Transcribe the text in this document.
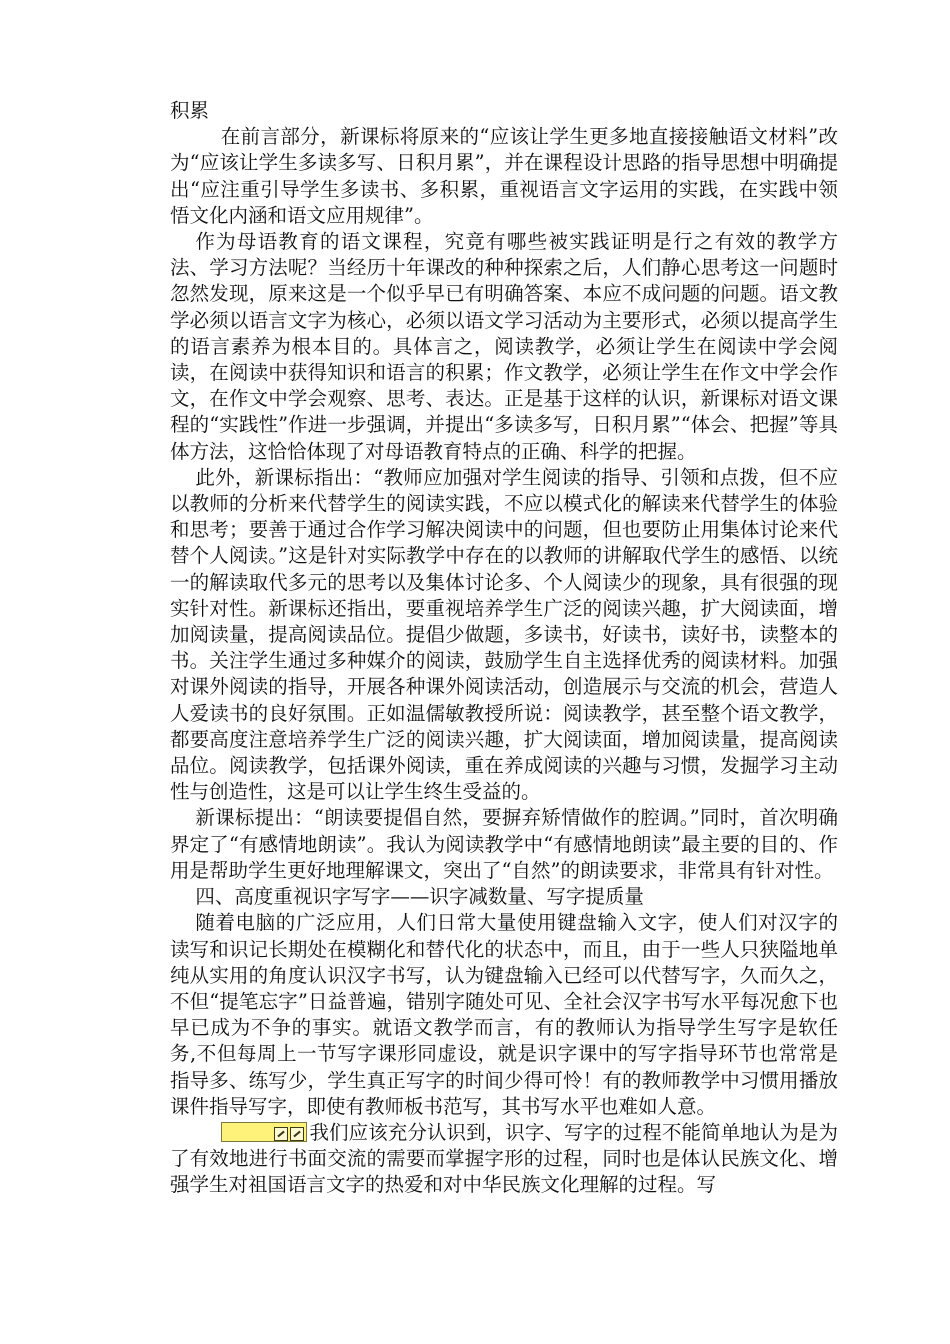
积累

在前言部分，新课标将原来的“应该让学生更多地直接接触语文材料”改为“应该让学生多读多写、日积月累”，并在课程设计思路的指导思想中明确提出“应注重引导学生多读书、多积累，重视语言文字运用的实践，在实践中领悟文化内涵和语文应用规律”。

作为母语教育的语文课程，究竟有哪些被实践证明是行之有效的教学方法、学习方法呢？当经历十年课改的种种探索之后，人们静心思考这一问题时忽然发现，原来这是一个似乎早已有明确答案、本应不成问题的问题。语文教学必须以语言文字为核心，必须以语文学习活动为主要形式，必须以提高学生的语言素养为根本目的。具体言之，阅读教学，必须让学生在阅读中学会阅读，在阅读中获得知识和语言的积累；作文教学，必须让学生在作文中学会作文，在作文中学会观察、思考、表达。正是基于这样的认识，新课标对语文课程的“实践性”作进一步强调，并提出“多读多写，日积月累”“体会、把握”等具体方法，这恰恰体现了对母语教育特点的正确、科学的把握。

此外，新课标指出：“教师应加强对学生阅读的指导、引领和点拨，但不应以教师的分析来代替学生的阅读实践，不应以模式化的解读来代替学生的体验和思考；要善于通过合作学习解决阅读中的问题，但也要防止用集体讨论来代替个人阅读。”这是针对实际教学中存在的以教师的讲解取代学生的感悟、以统一的解读取代多元的思考以及集体讨论多、个人阅读少的现象，具有很强的现实针对性。新课标还指出，要重视培养学生广泛的阅读兴趣，扩大阅读面，增加阅读量，提高阅读品位。提倡少做题，多读书，好读书，读好书，读整本的书。关注学生通过多种媒介的阅读，鼓励学生自主选择优秀的阅读材料。加强对课外阅读的指导，开展各种课外阅读活动，创造展示与交流的机会，营造人人爱读书的良好氛围。正如温儒敏教授所说：阅读教学，甚至整个语文教学，都要高度注意培养学生广泛的阅读兴趣，扩大阅读面，增加阅读量，提高阅读品位。阅读教学，包括课外阅读，重在养成阅读的兴趣与习惯，发掘学习主动性与创造性，这是可以让学生终生受益的。

新课标提出：“朗读要提倡自然，要摒弃矫情做作的腔调。”同时，首次明确界定了“有感情地朗读”。我认为阅读教学中“有感情地朗读”最主要的目的、作用是帮助学生更好地理解课文，突出了“自然”的朗读要求，非常具有针对性。

四、高度重视识字写字——识字减数量、写字提质量

随着电脑的广泛应用，人们日常大量使用键盘输入文字，使人们对汉字的读写和识记长期处在模糊化和替代化的状态中，而且，由于一些人只狭隘地单纯从实用的角度认识汉字书写，认为键盘输入已经可以代替写字，久而久之，不但“提笔忘字”日益普遍，错别字随处可见、全社会汉字书写水平每况愈下也早已成为不争的事实。就语文教学而言，有的教师认为指导学生写字是软任务,不但每周上一节写字课形同虚设，就是识字课中的写字指导环节也常常是指导多、练写少，学生真正写字的时间少得可怜！有的教师教学中习惯用播放课件指导写字，即使有教师板书范写，其书写水平也难如人意。

我们应该充分认识到，识字、写字的过程不能简单地认为是为了有效地进行书面交流的需要而掌握字形的过程，同时也是体认民族文化、增强学生对祖国语言文字的热爱和对中华民族文化理解的过程。写
